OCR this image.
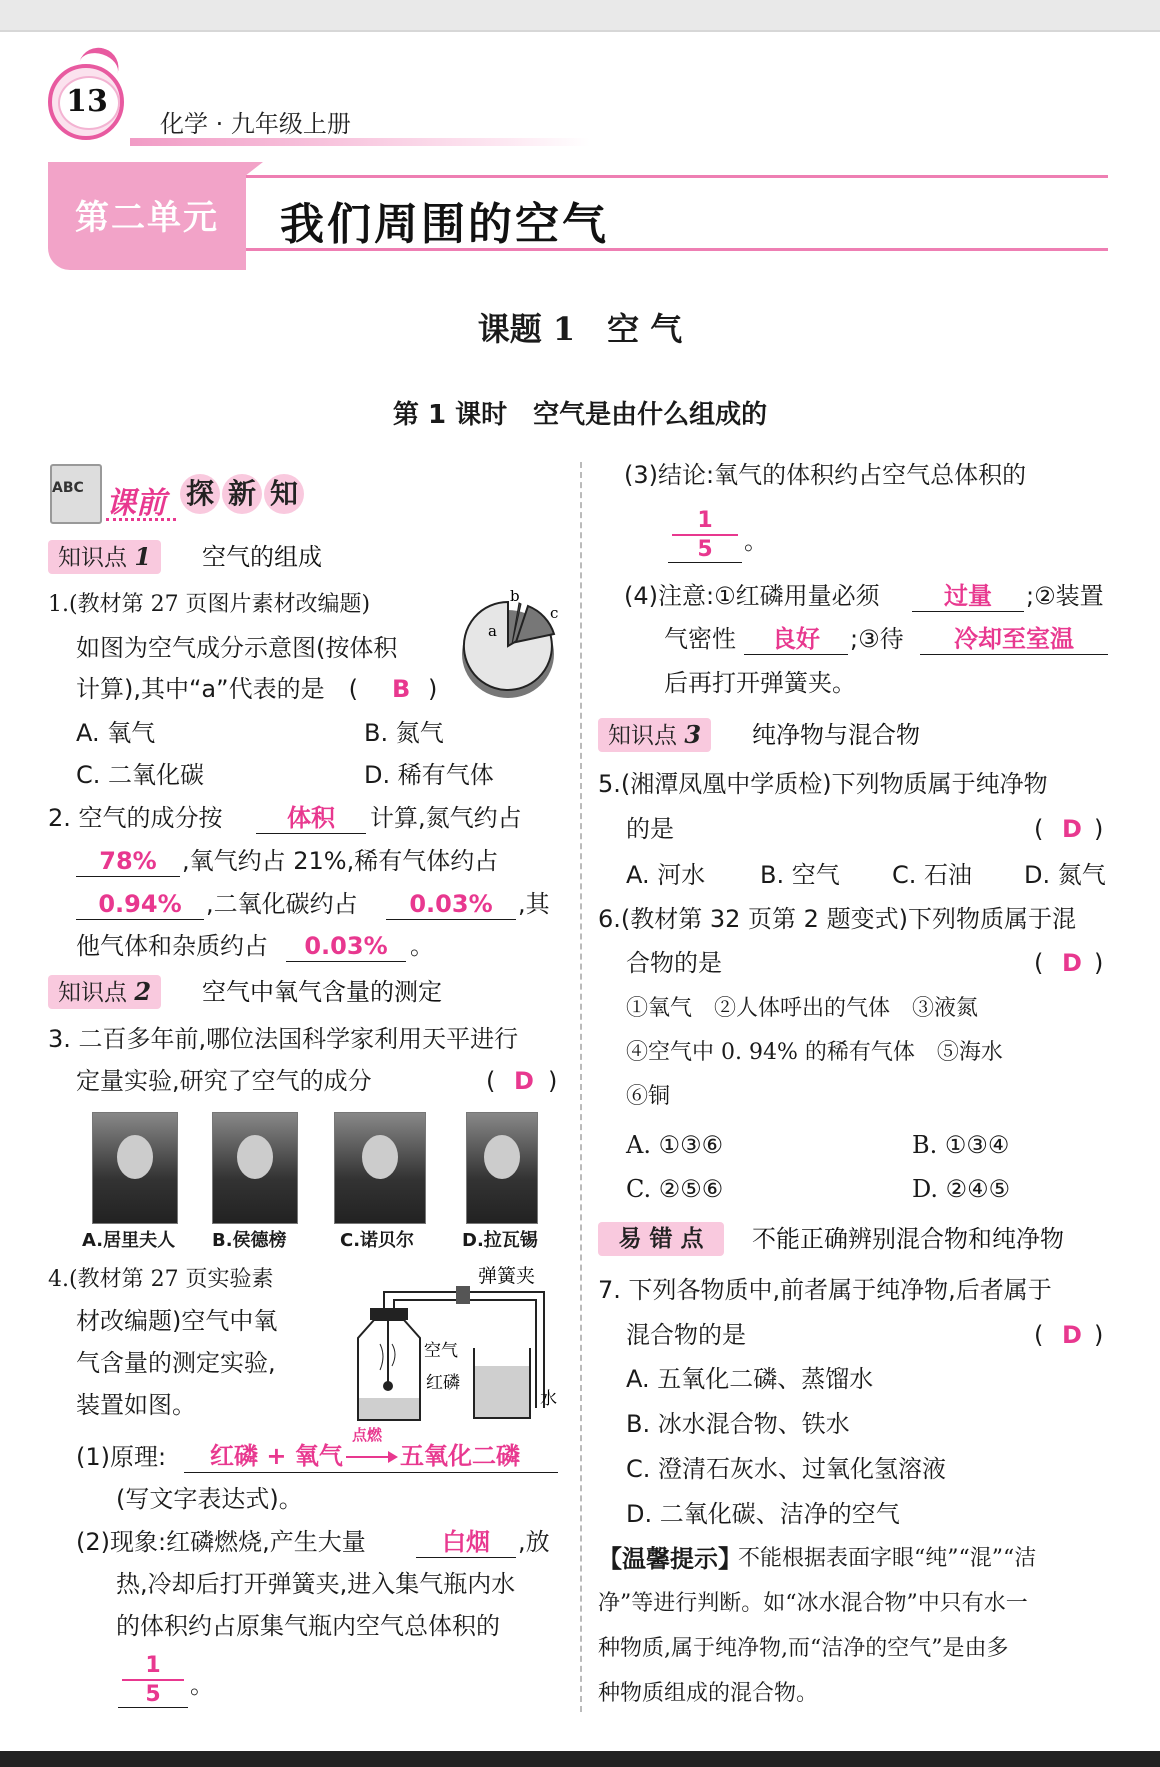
13
化学 · 九年级上册
第二单元	我们周围的空气
课题 1　空 气
第 1 课时　空气是由什么组成的
ABC 课前 探 新 知
知识点 1	空气的组成
1.(教材第 27 页图片素材改编题)
如图为空气成分示意图(按体积
计算),其中“a”代表的是　( B )
a
b
c
A. 氧气	B. 氮气
C. 二氧化碳	D. 稀有气体
2. 空气的成分按	体积	计算,氮气约占
78%	,氧气约占 21%,稀有气体约占
0.94%	,二氧化碳约占	0.03%	,其
他气体和杂质约占	0.03% 。
知识点 2	空气中氧气含量的测定
3. 二百多年前,哪位法国科学家利用天平进行
定量实验,研究了空气的成分	( D )
A.居里夫人 B.侯德榜	C.诺贝尔	D.拉瓦锡
4.(教材第 27 页实验素
材改编题)空气中氧
气含量的测定实验,
装置如图。
弹簧夹
空气
红磷
水
(1)原理: 红磷 + 氧气
点燃
五氧化二磷
(写文字表达式)。
(2)现象:红磷燃烧,产生大量	白烟	,放
热,冷却后打开弹簧夹,进入集气瓶内水
的体积约占原集气瓶内空气总体积的
1
5	。
(3)结论:氧气的体积约占空气总体积的
1
5	。
(4)注意:①红磷用量必须	过量	;②装置
气密性	良好	;③待	冷却至室温
后再打开弹簧夹。
知识点 3	纯净物与混合物
5.(湘潭凤凰中学质检)下列物质属于纯净物
的是	( D )
A. 河水 B. 空气 C. 石油 D. 氮气
6.(教材第 32 页第 2 题变式)下列物质属于混
合物的是	( D )
①氧气　②人体呼出的气体　③液氮
④空气中 0. 94% 的稀有气体　⑤海水
⑥铜
A. ①③⑥	B. ①③④
C. ②⑤⑥	D. ②④⑤
易 错 点	不能正确辨别混合物和纯净物
7. 下列各物质中,前者属于纯净物,后者属于
混合物的是	( D )
A. 五氧化二磷、蒸馏水
B. 冰水混合物、铁水
C. 澄清石灰水、过氧化氢溶液
D. 二氧化碳、洁净的空气
【温馨提示】
不能根据表面字眼“纯”“混”“洁
净”等进行判断。如“冰水混合物”中只有水一
种物质,属于纯净物,而“洁净的空气”是由多
种物质组成的混合物。
